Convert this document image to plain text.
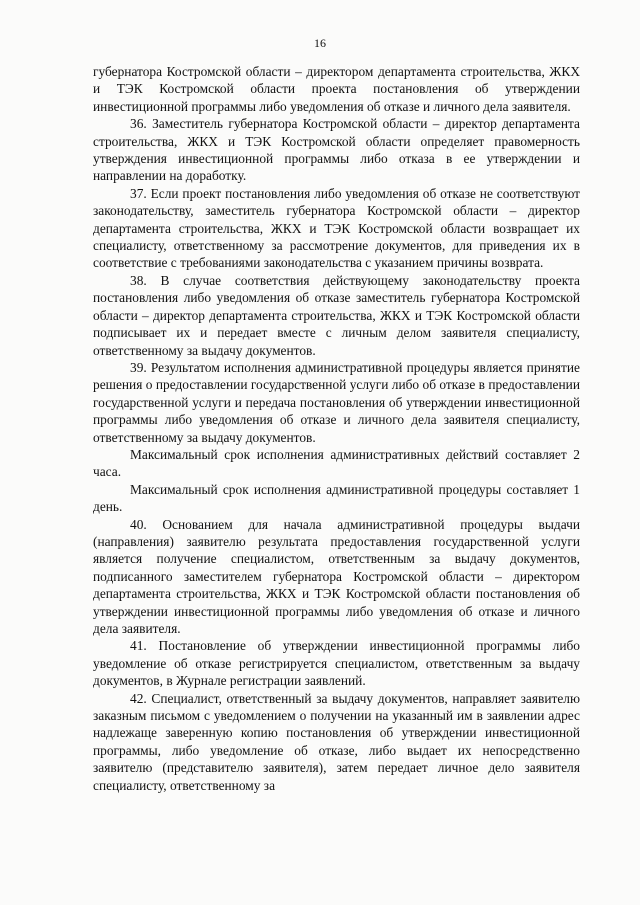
16

губернатора Костромской области – директором департамента строительства, ЖКХ и ТЭК Костромской области проекта постановления об утверждении инвестиционной программы либо уведомления об отказе и личного дела заявителя.

36. Заместитель губернатора Костромской области – директор департамента строительства, ЖКХ и ТЭК Костромской области определяет правомерность утверждения инвестиционной программы либо отказа в ее утверждении и направлении на доработку.

37. Если проект постановления либо уведомления об отказе не соответствуют законодательству, заместитель губернатора Костромской области – директор департамента строительства, ЖКХ и ТЭК Костромской области возвращает их специалисту, ответственному за рассмотрение документов, для приведения их в соответствие с требованиями законодательства с указанием причины возврата.

38. В случае соответствия действующему законодательству проекта постановления либо уведомления об отказе заместитель губернатора Костромской области – директор департамента строительства, ЖКХ и ТЭК Костромской области подписывает их и передает вместе с личным делом заявителя специалисту, ответственному за выдачу документов.

39. Результатом исполнения административной процедуры является принятие решения о предоставлении государственной услуги либо об отказе в предоставлении государственной услуги и передача постановления об утверждении инвестиционной программы либо уведомления об отказе и личного дела заявителя специалисту, ответственному за выдачу документов.

Максимальный срок исполнения административных действий составляет 2 часа.

Максимальный срок исполнения административной процедуры составляет 1 день.

40. Основанием для начала административной процедуры выдачи (направления) заявителю результата предоставления государственной услуги является получение специалистом, ответственным за выдачу документов, подписанного заместителем губернатора Костромской области – директором департамента строительства, ЖКХ и ТЭК Костромской области постановления об утверждении инвестиционной программы либо уведомления об отказе и личного дела заявителя.

41. Постановление об утверждении инвестиционной программы либо уведомление об отказе регистрируется специалистом, ответственным за выдачу документов, в Журнале регистрации заявлений.

42. Специалист, ответственный за выдачу документов, направляет заявителю заказным письмом с уведомлением о получении на указанный им в заявлении адрес надлежаще заверенную копию постановления об утверждении инвестиционной программы, либо уведомление об отказе, либо выдает их непосредственно заявителю (представителю заявителя), затем передает личное дело заявителя специалисту, ответственному за
